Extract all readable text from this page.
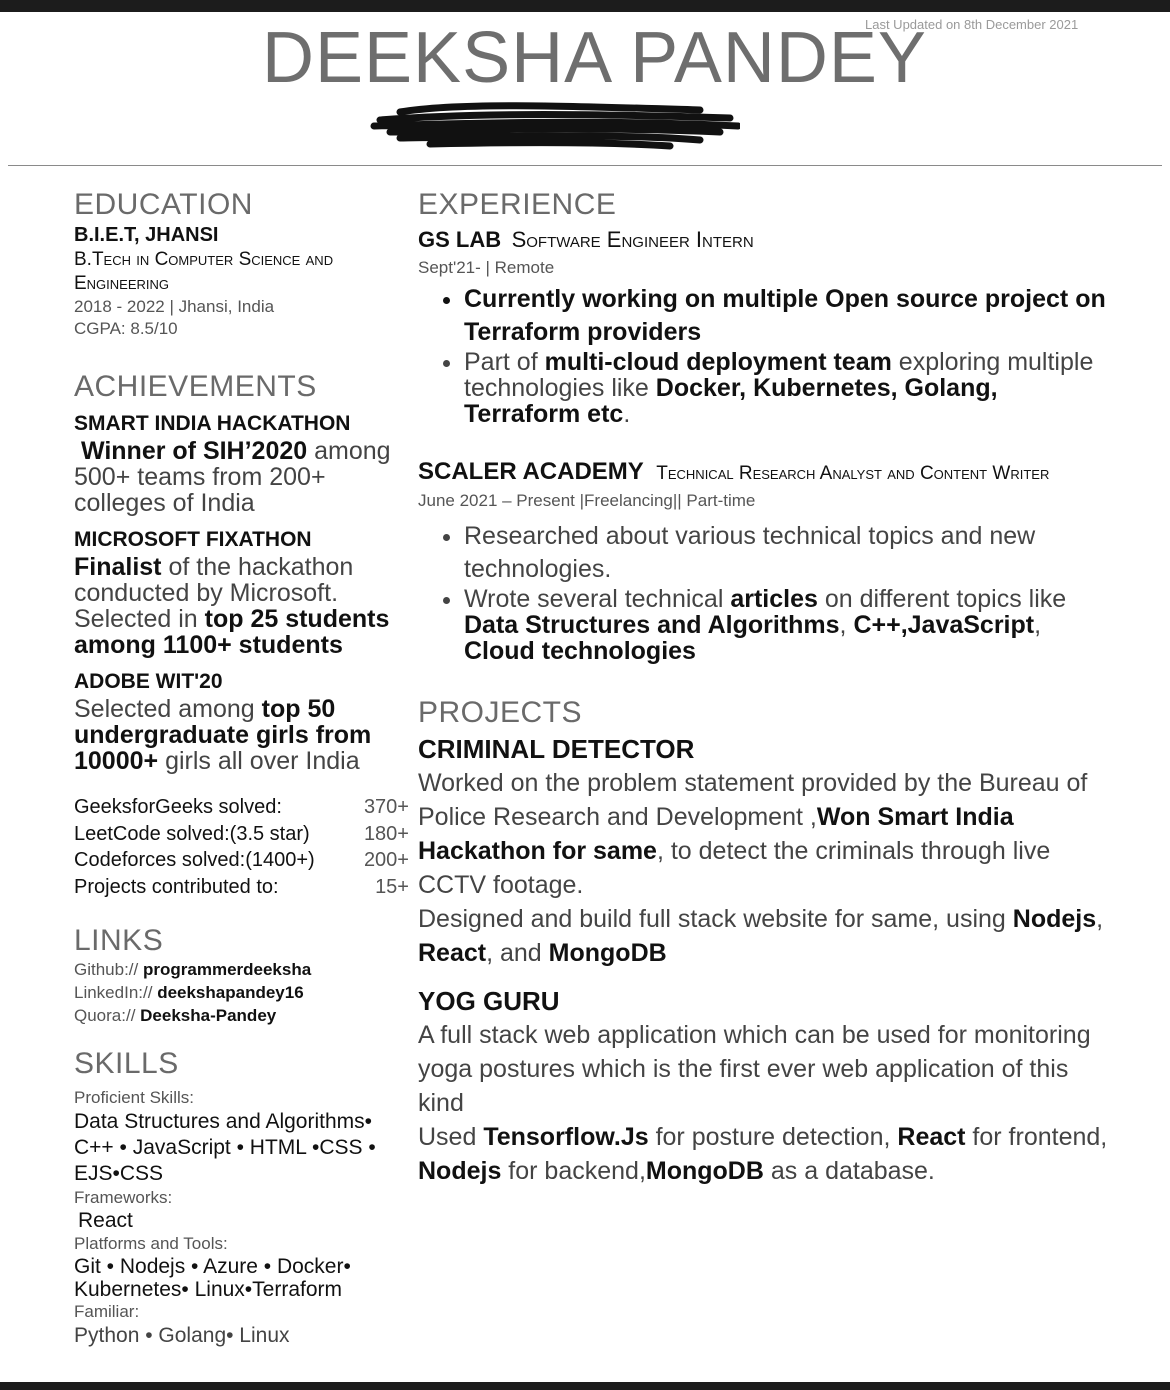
Last Updated on 8th December 2021
DEEKSHA PANDEY
EDUCATION
B.I.E.T, JHANSI
B.Tech in Computer Science and Engineering
2018 - 2022 | Jhansi, India
CGPA: 8.5/10
ACHIEVEMENTS
SMART INDIA HACKATHON
Winner of SIH’2020 among 500+ teams from 200+ colleges of India
MICROSOFT FIXATHON
Finalist of the hackathon conducted by Microsoft. Selected in top 25 students among 1100+ students
ADOBE WIT'20
Selected among top 50 undergraduate girls from 10000+ girls all over India
GeeksforGeeks solved:	370+
LeetCode solved:(3.5 star)	180+
Codeforces solved:(1400+) 200+
Projects contributed to:	15+
LINKS
Github:// programmerdeeksha
LinkedIn:// deekshapandey16
Quora:// Deeksha-Pandey
SKILLS
Proficient Skills:
Data Structures and Algorithms• C++ • JavaScript • HTML •CSS • EJS•CSS
Frameworks:
React
Platforms and Tools:
Git • Nodejs • Azure • Docker• Kubernetes• Linux•Terraform
Familiar:
Python • Golang• Linux
EXPERIENCE
GS LAB Software Engineer Intern
Sept'21- | Remote
• Currently working on multiple Open source project on Terraform providers
• Part of multi-cloud deployment team exploring multiple technologies like Docker, Kubernetes, Golang, Terraform etc.
SCALER ACADEMY Technical Research Analyst and Content Writer
June 2021 – Present |Freelancing|| Part-time
• Researched about various technical topics and new technologies.
• Wrote several technical articles on different topics like Data Structures and Algorithms, C++,JavaScript, Cloud technologies
PROJECTS
CRIMINAL DETECTOR
Worked on the problem statement provided by the Bureau of Police Research and Development ,Won Smart India Hackathon for same, to detect the criminals through live CCTV footage.
Designed and build full stack website for same, using Nodejs, React, and MongoDB
YOG GURU
A full stack web application which can be used for monitoring yoga postures which is the first ever web application of this kind
Used Tensorflow.Js for posture detection, React for frontend, Nodejs for backend,MongoDB as a database.
